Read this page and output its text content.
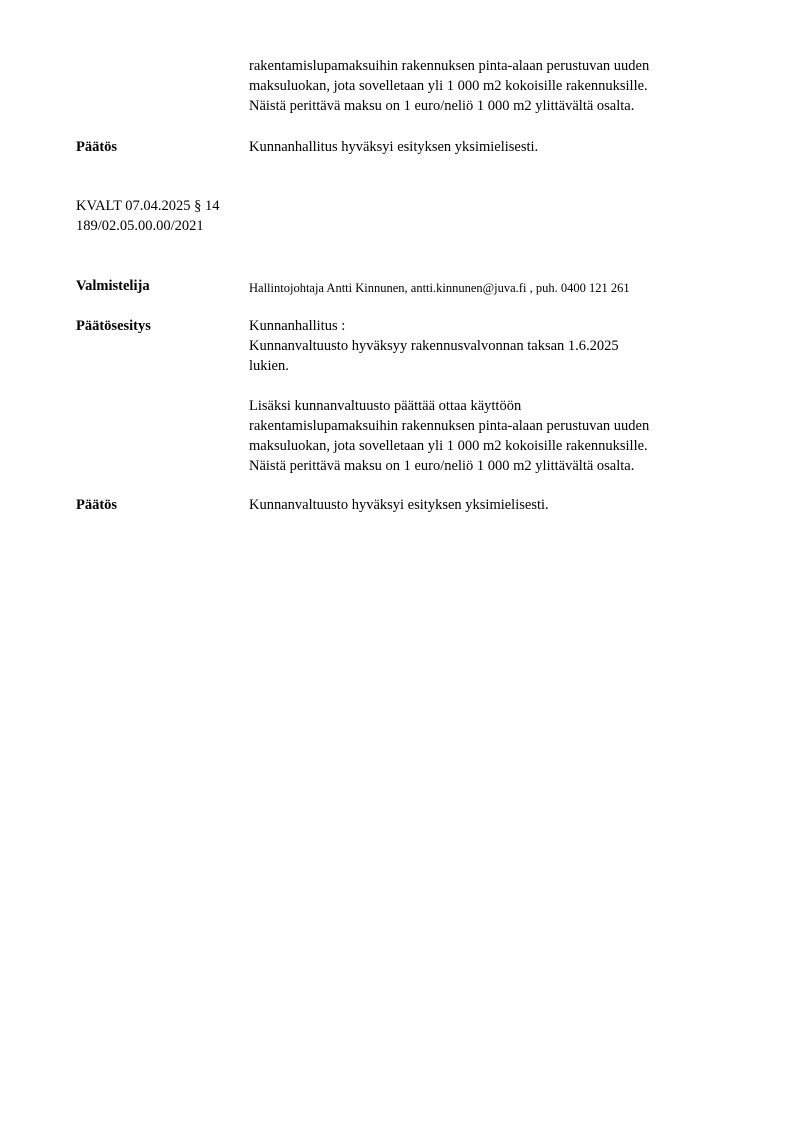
rakentamislupamaksuihin rakennuksen pinta-alaan perustuvan uuden
maksuluokan, jota sovelletaan yli 1 000 m2 kokoisille rakennuksille.
Näistä perittävä maksu on 1 euro/neliö 1 000 m2 ylittävältä osalta.
Päätös	Kunnanhallitus hyväksyi esityksen yksimielisesti.
KVALT 07.04.2025 § 14
189/02.05.00.00/2021
Valmistelija	Hallintojohtaja Antti Kinnunen, antti.kinnunen@juva.fi , puh. 0400 121 261
Päätösesitys	Kunnanhallitus :
Kunnanvaltuusto hyväksyy rakennusvalvonnan taksan 1.6.2025
lukien.
Lisäksi kunnanvaltuusto päättää ottaa käyttöön
rakentamislupamaksuihin rakennuksen pinta-alaan perustuvan uuden
maksuluokan, jota sovelletaan yli 1 000 m2 kokoisille rakennuksille.
Näistä perittävä maksu on 1 euro/neliö 1 000 m2 ylittävältä osalta.
Päätös	Kunnanvaltuusto hyväksyi esityksen yksimielisesti.
